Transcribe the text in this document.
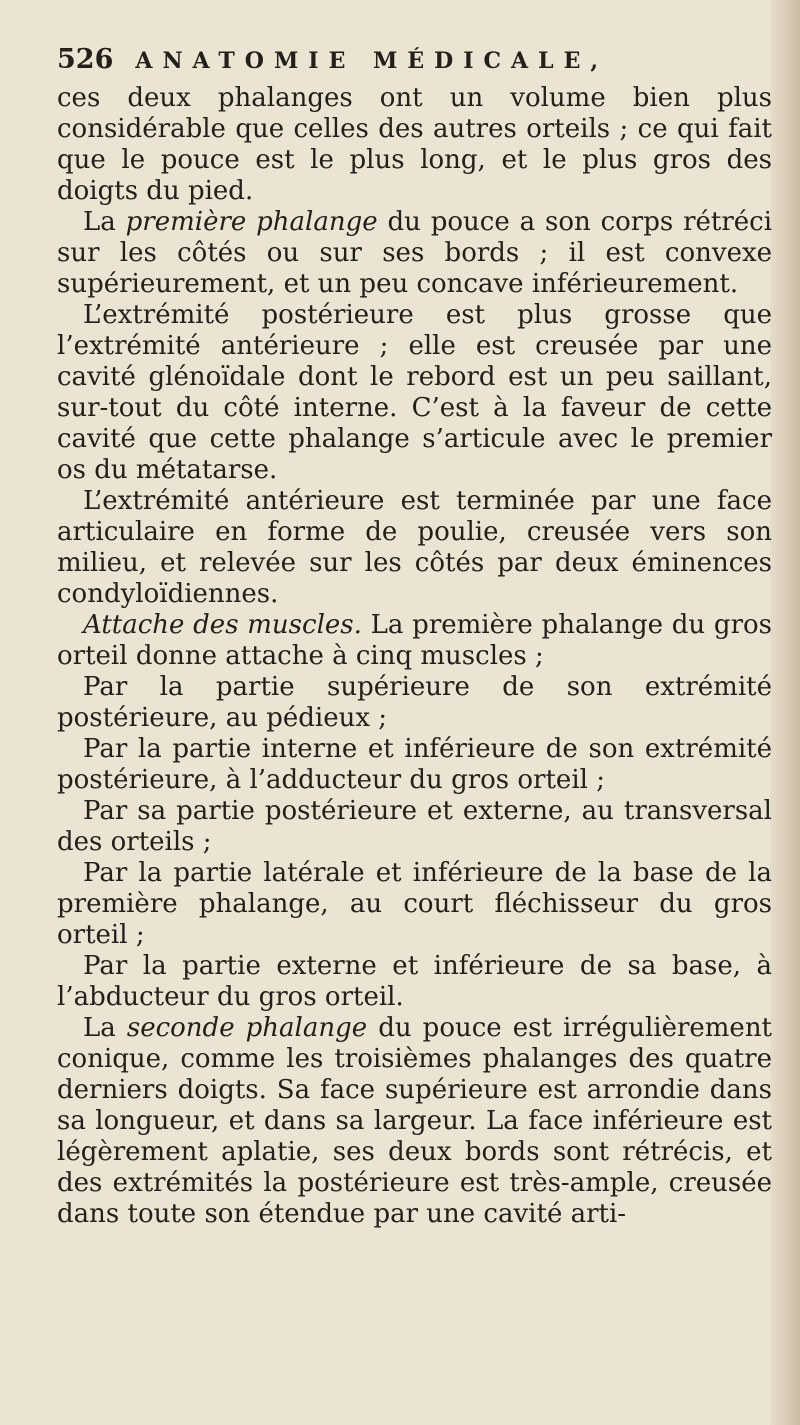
526 ANATOMIE MÉDICALE,

ces deux phalanges ont un volume bien plus considérable que celles des autres orteils ; ce qui fait que le pouce est le plus long, et le plus gros des doigts du pied.

La première phalange du pouce a son corps rétréci sur les côtés ou sur ses bords ; il est convexe supérieurement, et un peu concave inférieurement.

L’extrémité postérieure est plus grosse que l’extrémité antérieure ; elle est creusée par une cavité glénoïdale dont le rebord est un peu saillant, sur-tout du côté interne. C’est à la faveur de cette cavité que cette phalange s’articule avec le premier os du métatarse.

L’extrémité antérieure est terminée par une face articulaire en forme de poulie, creusée vers son milieu, et relevée sur les côtés par deux éminences condyloïdiennes.

Attache des muscles. La première phalange du gros orteil donne attache à cinq muscles ;

Par la partie supérieure de son extrémité postérieure, au pédieux ;

Par la partie interne et inférieure de son extrémité postérieure, à l’adducteur du gros orteil ;

Par sa partie postérieure et externe, au transversal des orteils ;

Par la partie latérale et inférieure de la base de la première phalange, au court fléchisseur du gros orteil ;

Par la partie externe et inférieure de sa base, à l’abducteur du gros orteil.

La seconde phalange du pouce est irrégulièrement conique, comme les troisièmes phalanges des quatre derniers doigts. Sa face supérieure est arrondie dans sa longueur, et dans sa largeur. La face inférieure est légèrement aplatie, ses deux bords sont rétrécis, et des extrémités la postérieure est très-ample, creusée dans toute son étendue par une cavité arti-
